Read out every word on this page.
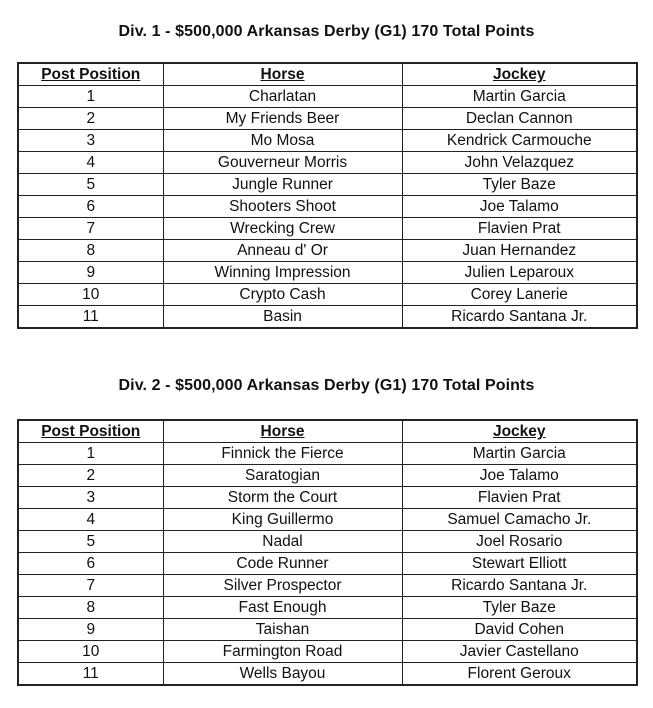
Div. 1 - $500,000 Arkansas Derby (G1) 170 Total Points
Post Position	Horse	Jockey
1	Charlatan	Martin Garcia
2	My Friends Beer	Declan Cannon
3	Mo Mosa	Kendrick Carmouche
4	Gouverneur Morris	John Velazquez
5	Jungle Runner	Tyler Baze
6	Shooters Shoot	Joe Talamo
7	Wrecking Crew	Flavien Prat
8	Anneau d' Or	Juan Hernandez
9	Winning Impression	Julien Leparoux
10	Crypto Cash	Corey Lanerie
11	Basin	Ricardo Santana Jr.
Div. 2 - $500,000 Arkansas Derby (G1) 170 Total Points
Post Position	Horse	Jockey
1	Finnick the Fierce	Martin Garcia
2	Saratogian	Joe Talamo
3	Storm the Court	Flavien Prat
4	King Guillermo	Samuel Camacho Jr.
5	Nadal	Joel Rosario
6	Code Runner	Stewart Elliott
7	Silver Prospector	Ricardo Santana Jr.
8	Fast Enough	Tyler Baze
9	Taishan	David Cohen
10	Farmington Road	Javier Castellano
11	Wells Bayou	Florent Geroux
